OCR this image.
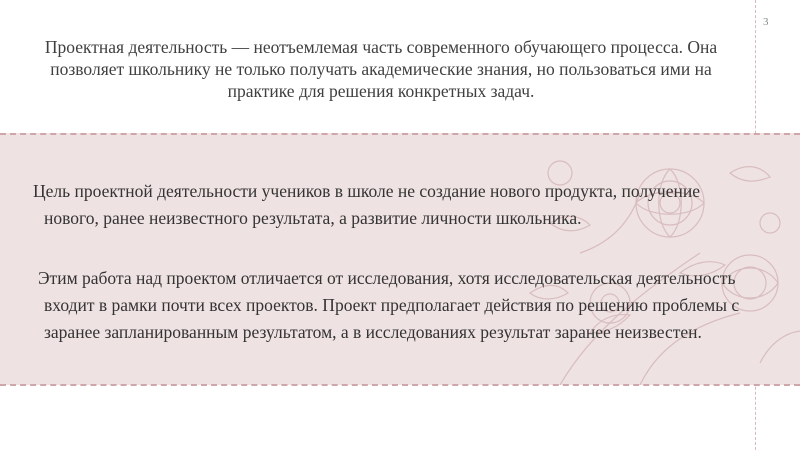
3
Проектная деятельность — неотъемлемая часть современного обучающего процесса. Она позволяет школьнику не только получать академические знания, но пользоваться ими на практике для решения конкретных задач.

Цель проектной деятельности учеников в школе не создание нового продукта, получение нового, ранее неизвестного результата, а развитие личности школьника.

Этим работа над проектом отличается от исследования, хотя исследовательская деятельность входит в рамки почти всех проектов. Проект предполагает действия по решению проблемы с заранее запланированным результатом, а в исследованиях результат заранее неизвестен.
